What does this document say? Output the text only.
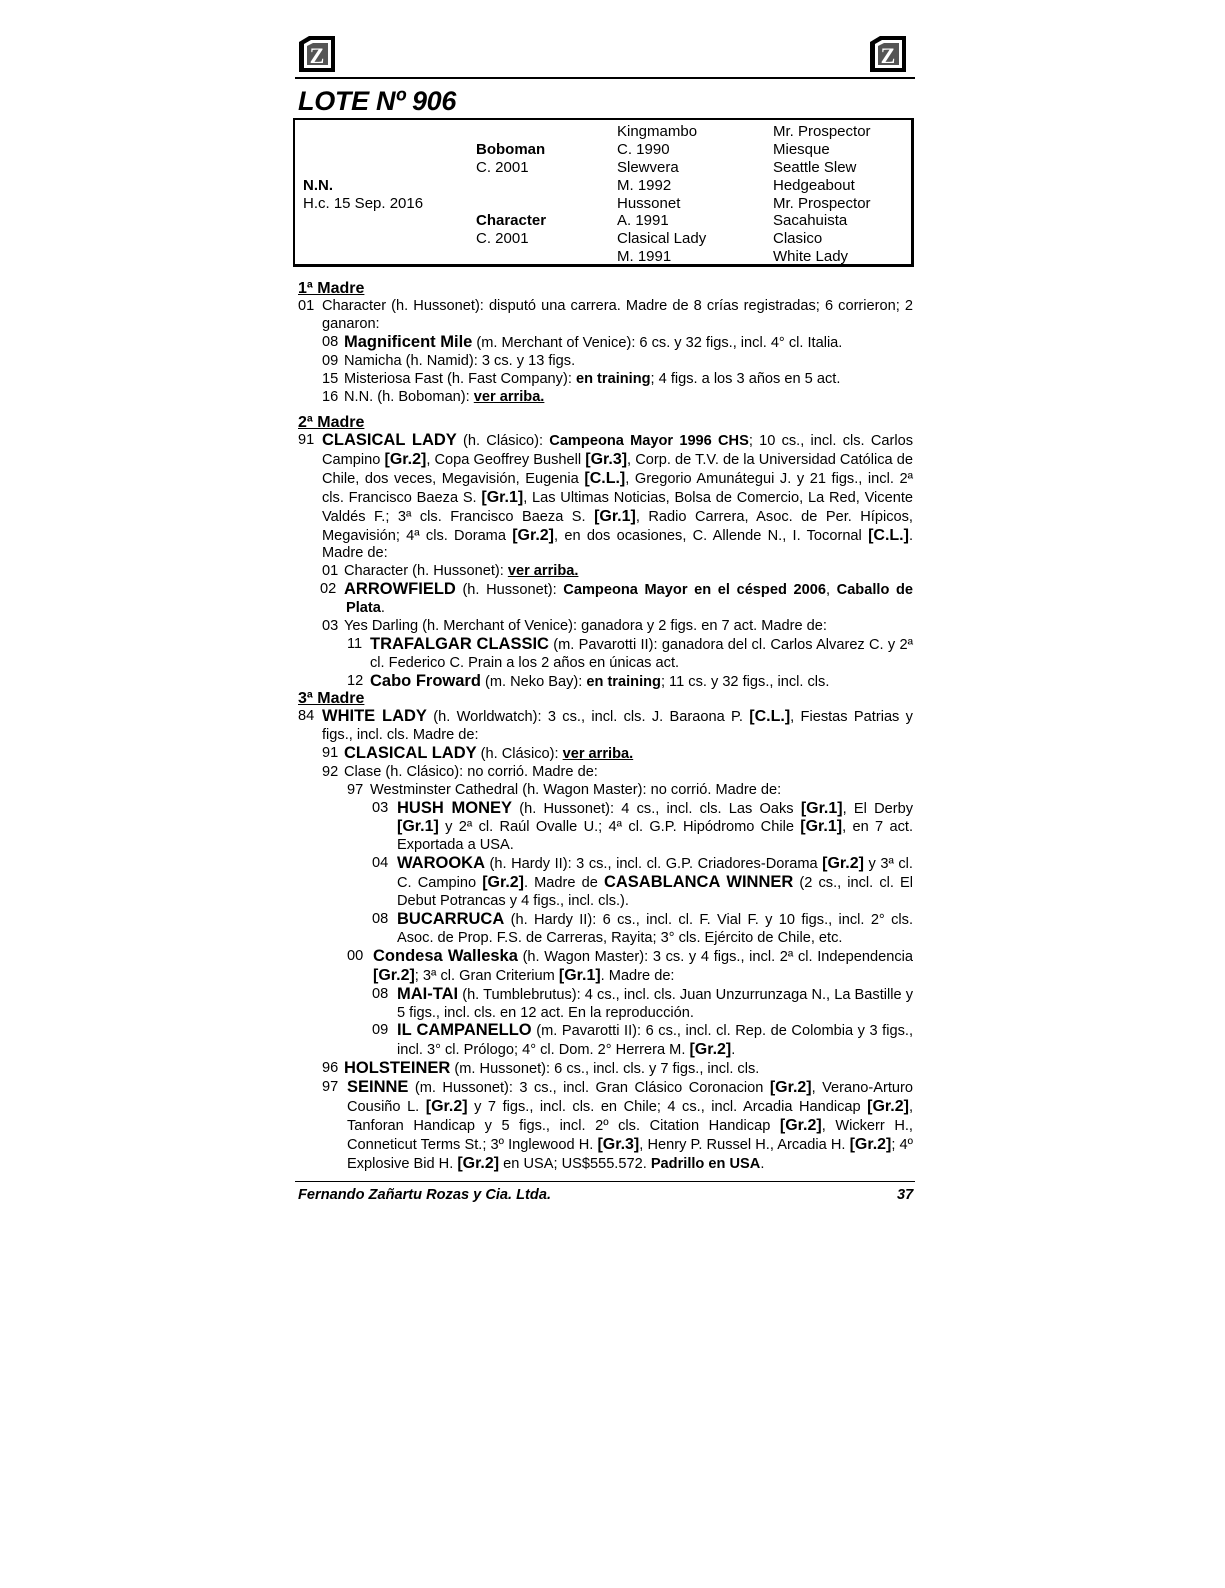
Z	Z
LOTE Nº 906
N.N.
H.c. 15 Sep. 2016
Boboman
C. 2001
Character
C. 2001
Kingmambo
C. 1990
Slewvera
M. 1992
Hussonet
A. 1991
Clasical Lady
M. 1991
Mr. Prospector
Miesque
Seattle Slew
Hedgeabout
Mr. Prospector
Sacahuista
Clasico
White Lady
1ª Madre
01 Character (h. Hussonet): disputó una carrera. Madre de 8 crías registradas; 6 corrieron; 2 ganaron:
08 Magnificent Mile (m. Merchant of Venice): 6 cs. y 32 figs., incl. 4° cl. Italia.
09 Namicha (h. Namid): 3 cs. y 13 figs.
15 Misteriosa Fast (h. Fast Company): en training; 4 figs. a los 3 años en 5 act.
16 N.N. (h. Boboman): ver arriba.
2ª Madre
91 CLASICAL LADY (h. Clásico): Campeona Mayor 1996 CHS; 10 cs., incl. cls. Carlos Campino [Gr.2], Copa Geoffrey Bushell [Gr.3], Corp. de T.V. de la Universidad Católica de Chile, dos veces, Megavisión, Eugenia [C.L.], Gregorio Amunátegui J. y 21 figs., incl. 2ª cls. Francisco Baeza S. [Gr.1], Las Ultimas Noticias, Bolsa de Comercio, La Red, Vicente Valdés F.; 3ª cls. Francisco Baeza S. [Gr.1], Radio Carrera, Asoc. de Per. Hípicos, Megavisión; 4ª cls. Dorama [Gr.2], en dos ocasiones, C. Allende N., I. Tocornal [C.L.]. Madre de:
01 Character (h. Hussonet): ver arriba.
02 ARROWFIELD (h. Hussonet): Campeona Mayor en el césped 2006, Caballo de Plata.
03 Yes Darling (h. Merchant of Venice): ganadora y 2 figs. en 7 act. Madre de:
11 TRAFALGAR CLASSIC (m. Pavarotti II): ganadora del cl. Carlos Alvarez C. y 2ª cl. Federico C. Prain a los 2 años en únicas act.
12 Cabo Froward (m. Neko Bay): en training; 11 cs. y 32 figs., incl. cls.
3ª Madre
84 WHITE LADY (h. Worldwatch): 3 cs., incl. cls. J. Baraona P. [C.L.], Fiestas Patrias y figs., incl. cls. Madre de:
91 CLASICAL LADY (h. Clásico): ver arriba.
92 Clase (h. Clásico): no corrió. Madre de:
97 Westminster Cathedral (h. Wagon Master): no corrió. Madre de:
03 HUSH MONEY (h. Hussonet): 4 cs., incl. cls. Las Oaks [Gr.1], El Derby [Gr.1] y 2ª cl. Raúl Ovalle U.; 4ª cl. G.P. Hipódromo Chile [Gr.1], en 7 act. Exportada a USA.
04 WAROOKA (h. Hardy II): 3 cs., incl. cl. G.P. Criadores-Dorama [Gr.2] y 3ª cl. C. Campino [Gr.2]. Madre de CASABLANCA WINNER (2 cs., incl. cl. El Debut Potrancas y 4 figs., incl. cls.).
08 BUCARRUCA (h. Hardy II): 6 cs., incl. cl. F. Vial F. y 10 figs., incl. 2° cls. Asoc. de Prop. F.S. de Carreras, Rayita; 3° cls. Ejército de Chile, etc.
00 Condesa Walleska (h. Wagon Master): 3 cs. y 4 figs., incl. 2ª cl. Independencia [Gr.2]; 3ª cl. Gran Criterium [Gr.1]. Madre de:
08 MAI-TAI (h. Tumblebrutus): 4 cs., incl. cls. Juan Unzurrunzaga N., La Bastille y 5 figs., incl. cls. en 12 act. En la reproducción.
09 IL CAMPANELLO (m. Pavarotti II): 6 cs., incl. cl. Rep. de Colombia y 3 figs., incl. 3° cl. Prólogo; 4° cl. Dom. 2° Herrera M. [Gr.2].
96 HOLSTEINER (m. Hussonet): 6 cs., incl. cls. y 7 figs., incl. cls.
97 SEINNE (m. Hussonet): 3 cs., incl. Gran Clásico Coronacion [Gr.2], Verano-Arturo Cousiño L. [Gr.2] y 7 figs., incl. cls. en Chile; 4 cs., incl. Arcadia Handicap [Gr.2], Tanforan Handicap y 5 figs., incl. 2º cls. Citation Handicap [Gr.2], Wickerr H., Conneticut Terms St.; 3º Inglewood H. [Gr.3], Henry P. Russel H., Arcadia H. [Gr.2]; 4º Explosive Bid H. [Gr.2] en USA; US$555.572. Padrillo en USA.
Fernando Zañartu Rozas y Cia. Ltda.	37
